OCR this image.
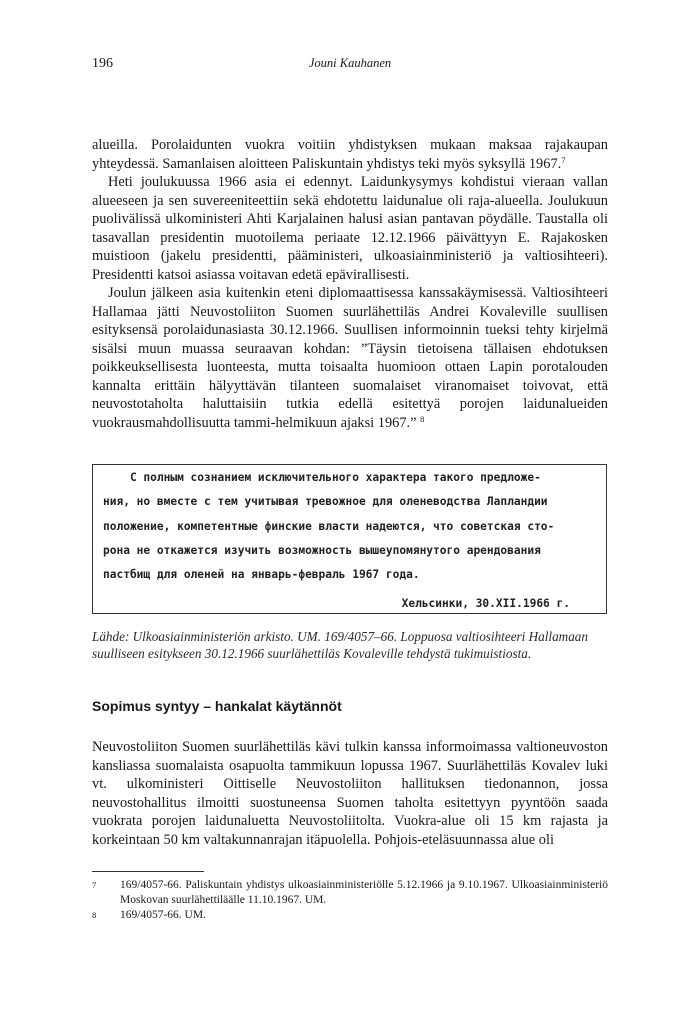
196	Jouni Kauhanen

alueilla. Porolaidunten vuokra voitiin yhdistyksen mukaan maksaa rajakaupan yhteydessä. Samanlaisen aloitteen Paliskuntain yhdistys teki myös syksyllä 1967.$^7$

Heti joulukuussa 1966 asia ei edennyt. Laidunkysymys kohdistui vieraan vallan alueeseen ja sen suvereeniteettiin sekä ehdotettu laidunalue oli raja-alueella. Joulukuun puolivälissä ulkoministeri Ahti Karjalainen halusi asian pantavan pöydälle. Taustalla oli tasavallan presidentin muotoilema periaate 12.12.1966 päivättyyn E. Rajakosken muistioon (jakelu presidentti, pääministeri, ulkoasiainministeriö ja valtiosihteeri). Presidentti katsoi asiassa voitavan edetä epävirallisesti.

Joulun jälkeen asia kuitenkin eteni diplomaattisessa kanssakäymisessä. Valtiosihteeri Hallamaa jätti Neuvostoliiton Suomen suurlähettiläs Andrei Kovaleville suullisen esityksensä porolaidunasiasta 30.12.1966. Suullisen informoinnin tueksi tehty kirjelmä sisälsi muun muassa seuraavan kohdan: ”Täysin tietoisena tällaisen ehdotuksen poikkeuksellisesta luonteesta, mutta toisaalta huomioon ottaen Lapin porotalouden kannalta erittäin hälyyttävän tilanteen suomalaiset viranomaiset toivovat, että neuvostotaholta haluttaisiin tutkia edellä esitettyä porojen laidunalueiden vuokrausmahdollisuutta tammi-helmikuun ajaksi 1967.” $^8$

С полным сознанием исключительного характера такого предложе-
ния, но вместе с тем учитывая тревожное для оленеводства Лапландии
положение, компетентные финские власти надеются, что советская сто-
рона не откажется изучить возможность вышеупомянутого арендования
пастбищ для оленей на январь-февраль 1967 года.
Хельсинки, 30.XII.1966 г.
Lähde: Ulkoasiainministeriön arkisto. UM. 169/4057–66. Loppuosa valtiosihteeri Hallamaan suulliseen esitykseen 30.12.1966 suurlähettiläs Kovaleville tehdystä tukimuistiosta.
Sopimus syntyy – hankalat käytännöt

Neuvostoliiton Suomen suurlähettiläs kävi tulkin kanssa informoimassa valtioneuvoston kansliassa suomalaista osapuolta tammikuun lopussa 1967. Suurlähettiläs Kovalev luki vt. ulkoministeri Oittiselle Neuvostoliiton hallituksen tiedonannon, jossa neuvostohallitus ilmoitti suostuneensa Suomen taholta esitettyyn pyyntöön saada vuokrata porojen laidunaluetta Neuvostoliitolta. Vuokra-alue oli 15 km rajasta ja korkeintaan 50 km valtakunnanrajan itäpuolella. Pohjois-eteläsuunnassa alue oli

7 169/4057-66. Paliskuntain yhdistys ulkoasiainministeriölle 5.12.1966 ja 9.10.1967. Ulkoasiainministeriö Moskovan suurlähettiläälle 11.10.1967. UM.
8 169/4057-66. UM.
